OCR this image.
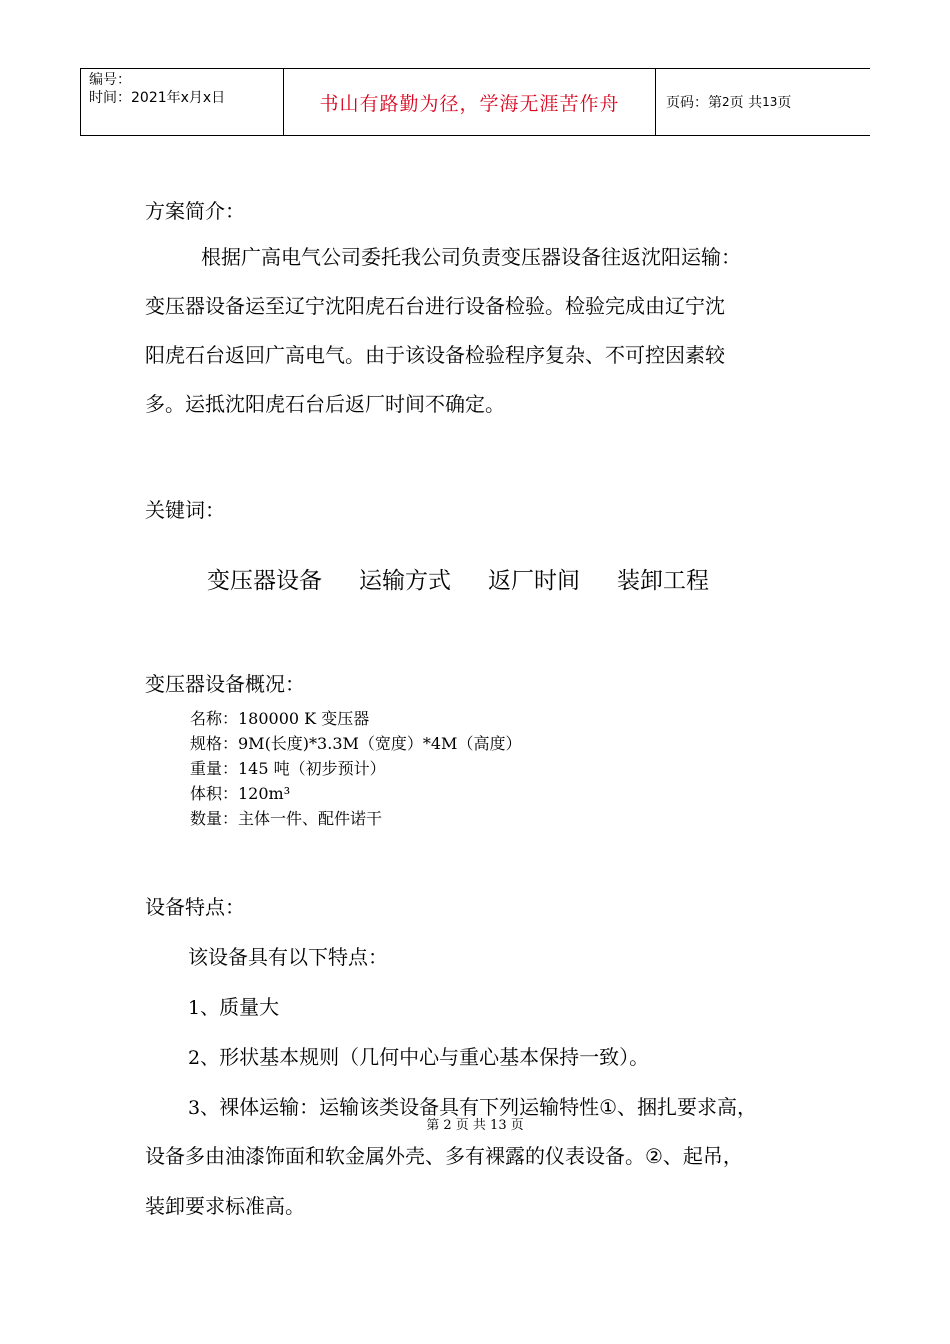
编号：
时间：2021年x月x日	书山有路勤为径，学海无涯苦作舟	页码：第 2 页 共 13 页
方案简介：
根据广高电气公司委托我公司负责变压器设备往返沈阳运输：
变压器设备运至辽宁沈阳虎石台进行设备检验。检验完成由辽宁沈
阳虎石台返回广高电气。由于该设备检验程序复杂、不可控因素较
多。运抵沈阳虎石台后返厂时间不确定。
关键词：
变压器设备 运输方式 返厂时间 装卸工程
变压器设备概况：
名称：180000 K 变压器
规格：9M(长度)*3.3M（宽度）*4M（高度）
重量：145 吨（初步预计）
体积：120m³
数量：主体一件、配件诺干
设备特点：
该设备具有以下特点：
1、质量大
2、形状基本规则（几何中心与重心基本保持一致）。
3、裸体运输：运输该类设备具有下列运输特性①、捆扎要求高，
第 2 页 共 13 页
设备多由油漆饰面和软金属外壳、多有裸露的仪表设备。②、起吊，
装卸要求标准高。
